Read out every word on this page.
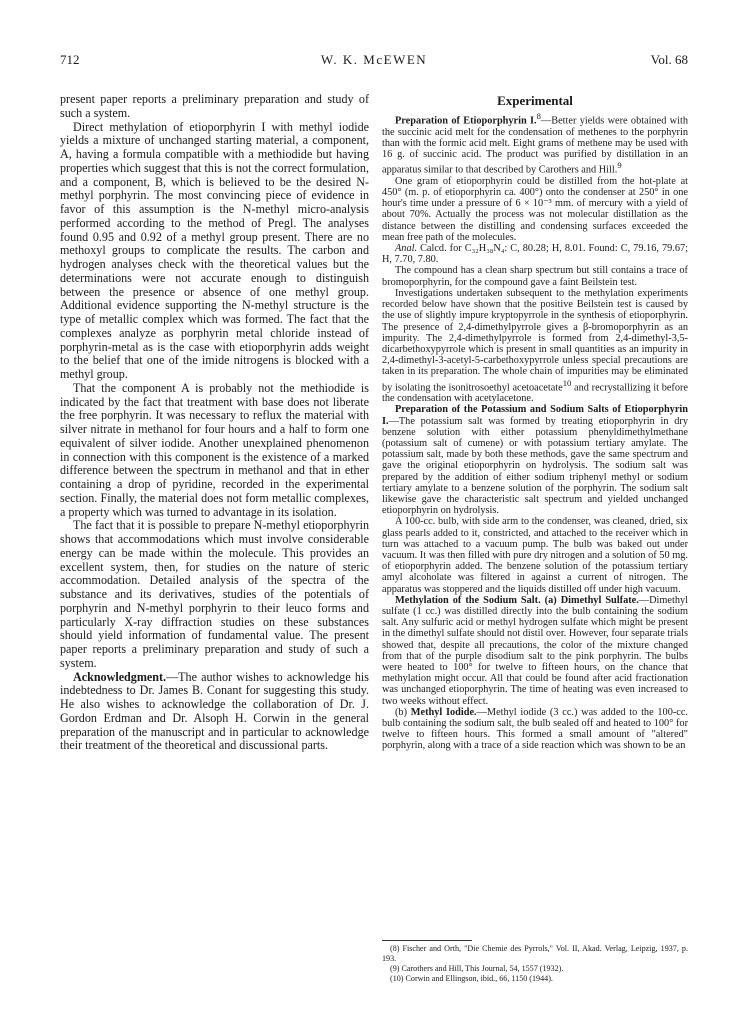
712	W. K. McEWEN	Vol. 68

present paper reports a preliminary preparation and study of such a system.

Direct methylation of etioporphyrin I with methyl iodide yields a mixture of unchanged starting material, a component, A, having a formula compatible with a methiodide but having properties which suggest that this is not the correct formulation, and a component, B, which is believed to be the desired N-methyl porphyrin. The most convincing piece of evidence in favor of this assumption is the N-methyl micro-analysis performed according to the method of Pregl. The analyses found 0.95 and 0.92 of a methyl group present. There are no methoxyl groups to complicate the results. The carbon and hydrogen analyses check with the theoretical values but the determinations were not accurate enough to distinguish between the presence or absence of one methyl group. Additional evidence supporting the N-methyl structure is the type of metallic complex which was formed. The fact that the complexes analyze as porphyrin metal chloride instead of porphyrin-metal as is the case with etioporphyrin adds weight to the belief that one of the imide nitrogens is blocked with a methyl group.

That the component A is probably not the methiodide is indicated by the fact that treatment with base does not liberate the free porphyrin. It was necessary to reflux the material with silver nitrate in methanol for four hours and a half to form one equivalent of silver iodide. Another unexplained phenomenon in connection with this component is the existence of a marked difference between the spectrum in methanol and that in ether containing a drop of pyridine, recorded in the experimental section. Finally, the material does not form metallic complexes, a property which was turned to advantage in its isolation.

The fact that it is possible to prepare N-methyl etioporphyrin shows that accommodations which must involve considerable energy can be made within the molecule. This provides an excellent system, then, for studies on the nature of steric accommodation. Detailed analysis of the spectra of the substance and its derivatives, studies of the potentials of porphyrin and N-methyl porphyrin to their leuco forms and particularly X-ray diffraction studies on these substances should yield information of fundamental value. The present paper reports a preliminary preparation and study of such a system.

Acknowledgment.—The author wishes to acknowledge his indebtedness to Dr. James B. Conant for suggesting this study. He also wishes to acknowledge the collaboration of Dr. J. Gordon Erdman and Dr. Alsoph H. Corwin in the general preparation of the manuscript and in particular to acknowledge their treatment of the theoretical and discussional parts.

Experimental

Preparation of Etioporphyrin I.$^8$—Better yields were obtained with the succinic acid melt for the condensation of methenes to the porphyrin than with the formic acid melt. Eight grams of methene may be used with 16 g. of succinic acid. The product was purified by distillation in an apparatus similar to that described by Carothers and Hill.$^9$

One gram of etioporphyrin could be distilled from the hot-plate at 450° (m. p. of etioporphyrin ca. 400°) onto the condenser at 250° in one hour's time under a pressure of 6 × 10⁻³ mm. of mercury with a yield of about 70%. Actually the process was not molecular distillation as the distance between the distilling and condensing surfaces exceeded the mean free path of the molecules.

Anal. Calcd. for C₃₂H₃₈N₄: C, 80.28; H, 8.01. Found: C, 79.16, 79.67; H, 7.70, 7.80.

The compound has a clean sharp spectrum but still contains a trace of bromoporphyrin, for the compound gave a faint Beilstein test.

Investigations undertaken subsequent to the methylation experiments recorded below have shown that the positive Beilstein test is caused by the use of slightly impure kryptopyrrole in the synthesis of etioporphyrin. The presence of 2,4-dimethylpyrrole gives a β-bromoporphyrin as an impurity. The 2,4-dimethylpyrrole is formed from 2,4-dimethyl-3,5-dicarbethoxypyrrole which is present in small quantities as an impurity in 2,4-dimethyl-3-acetyl-5-carbethoxypyrrole unless special precautions are taken in its preparation. The whole chain of impurities may be eliminated by isolating the isonitrosoethyl acetoacetate$^{10}$ and recrystallizing it before the condensation with acetylacetone.

Preparation of the Potassium and Sodium Salts of Etioporphyrin I.—The potassium salt was formed by treating etioporphyrin in dry benzene solution with either potassium phenyldimethylmethane (potassium salt of cumene) or with potassium tertiary amylate. The potassium salt, made by both these methods, gave the same spectrum and gave the original etioporphyrin on hydrolysis. The sodium salt was prepared by the addition of either sodium triphenyl methyl or sodium tertiary amylate to a benzene solution of the porphyrin. The sodium salt likewise gave the characteristic salt spectrum and yielded unchanged etioporphyrin on hydrolysis.

A 100-cc. bulb, with side arm to the condenser, was cleaned, dried, six glass pearls added to it, constricted, and attached to the receiver which in turn was attached to a vacuum pump. The bulb was baked out under vacuum. It was then filled with pure dry nitrogen and a solution of 50 mg. of etioporphyrin added. The benzene solution of the potassium tertiary amyl alcoholate was filtered in against a current of nitrogen. The apparatus was stoppered and the liquids distilled off under high vacuum.

Methylation of the Sodium Salt. (a) Dimethyl Sulfate.—Dimethyl sulfate (1 cc.) was distilled directly into the bulb containing the sodium salt. Any sulfuric acid or methyl hydrogen sulfate which might be present in the dimethyl sulfate should not distil over. However, four separate trials showed that, despite all precautions, the color of the mixture changed from that of the purple disodium salt to the pink porphyrin. The bulbs were heated to 100° for twelve to fifteen hours, on the chance that methylation might occur. All that could be found after acid fractionation was unchanged etioporphyrin. The time of heating was even increased to two weeks without effect.

(b) Methyl Iodide.—Methyl iodide (3 cc.) was added to the 100-cc. bulb containing the sodium salt, the bulb sealed off and heated to 100° for twelve to fifteen hours. This formed a small amount of "altered" porphyrin, along with a trace of a side reaction which was shown to be an

(8) Fischer and Orth, "Die Chemie des Pyrrols," Vol. II, Akad. Verlag, Leipzig, 1937, p. 193.

(9) Carothers and Hill, This Journal, 54, 1557 (1932).

(10) Corwin and Ellingson, ibid., 66, 1150 (1944).
